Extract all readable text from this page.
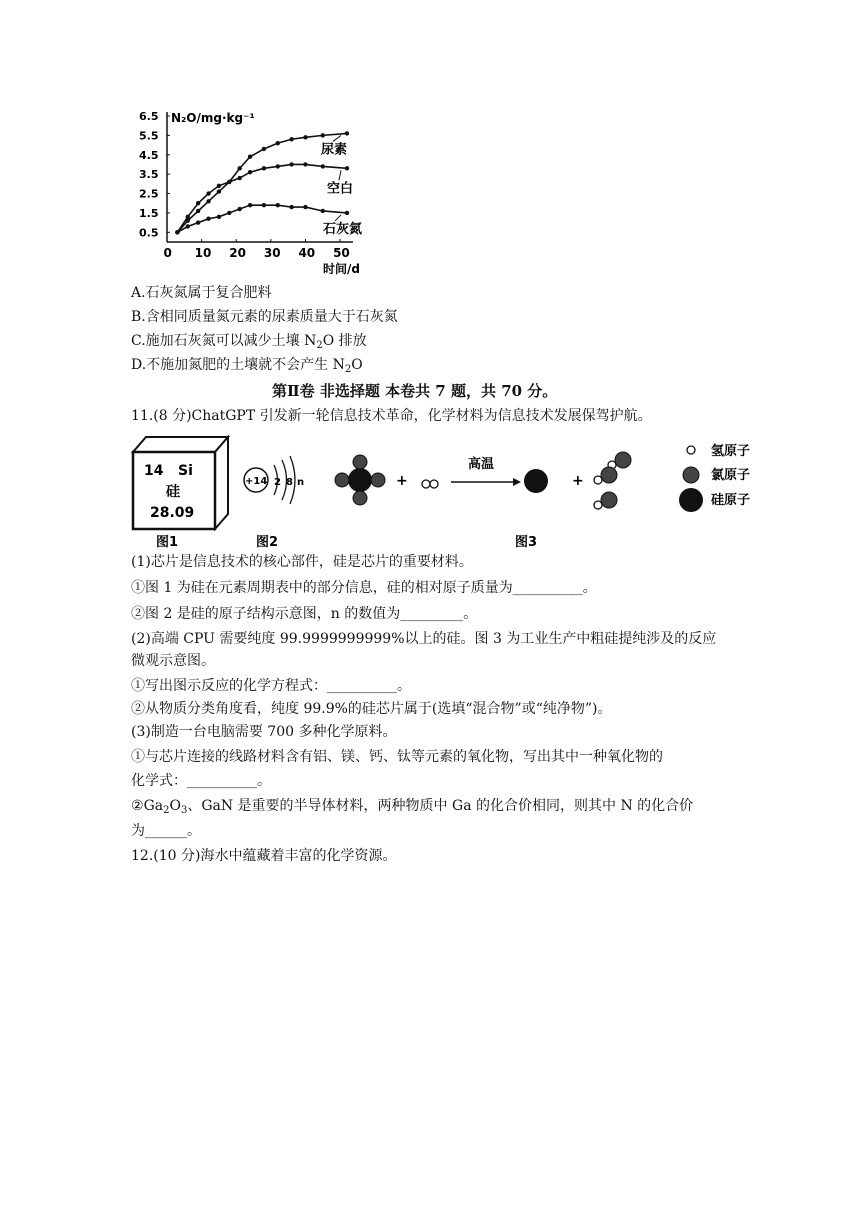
N₂O/mg·kg⁻¹
时间/d
0 10 20 30 40 50
0.5
1.5
2.5
3.5
4.5
5.5
6.5
尿素
空白
石灰氮
A.石灰氮属于复合肥料
B.含相同质量氮元素的尿素质量大于石灰氮
C.施加石灰氮可以减少土壤 $N_2O$ 排放
D.不施加氮肥的土壤就不会产生 $N_2O$
第Ⅱ卷 非选择题 本卷共 7 题，共 70 分。
11.(8 分)ChatGPT 引发新一轮信息技术革命，化学材料为信息技术发展保驾护航。
14 Si
硅
28.09
图1
+14 2 8 n
图2
+
高温
+
图3
氢原子
氯原子
硅原子
(1)芯片是信息技术的核心部件，硅是芯片的重要材料。
①图 1 为硅在元素周期表中的部分信息，硅的相对原子质量为__________。
②图 2 是硅的原子结构示意图，n 的数值为_________。
(2)高端 CPU 需要纯度 99.9999999999%以上的硅。图 3 为工业生产中粗硅提纯涉及的反应
微观示意图。
①写出图示反应的化学方程式：__________。
②从物质分类角度看，纯度 99.9%的硅芯片属于(选填“混合物”或“纯净物”)。
(3)制造一台电脑需要 700 多种化学原料。
①与芯片连接的线路材料含有铝、镁、钙、钛等元素的氧化物，写出其中一种氧化物的
化学式：__________。
$②Ga_2O_3$、GaN 是重要的半导体材料，两种物质中 Ga 的化合价相同，则其中 N 的化合价
为______。
12.(10 分)海水中蕴藏着丰富的化学资源。
